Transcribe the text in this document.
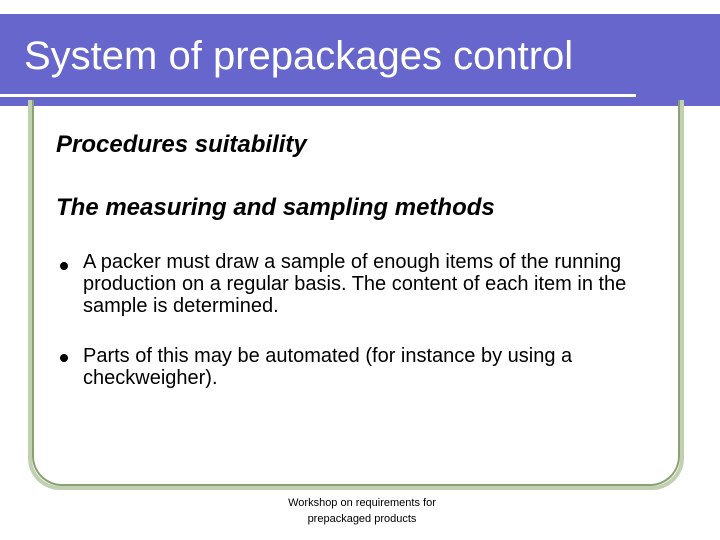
System of prepackages control
Procedures suitability
The measuring and sampling methods
A packer must draw a sample of enough items of the running production on a regular basis. The content of each item in the sample is determined.
Parts of this may be automated (for instance by using a checkweigher).
Workshop on requirements for prepackaged products
